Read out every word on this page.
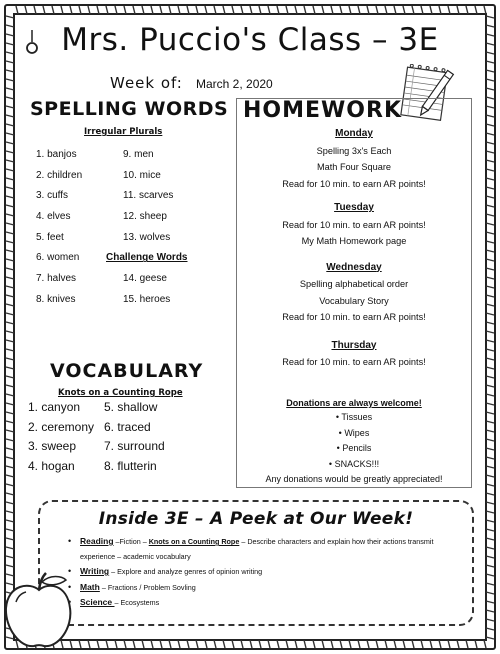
Mrs. Puccio's Class – 3E
Week of: March 2, 2020
SPELLING WORDS
Irregular Plurals
1. banjos
2. children
3. cuffs
4. elves
5. feet
6. women
7. halves
8. knives
9. men
10. mice
11. scarves
12. sheep
13. wolves
Challenge Words
14. geese
15. heroes
HOMEWORK
Monday
Spelling 3x's Each
Math Four Square
Read for 10 min. to earn AR points!
Tuesday
Read for 10 min. to earn AR points!
My Math Homework page
Wednesday
Spelling alphabetical order
Vocabulary Story
Read for 10 min. to earn AR points!
Thursday
Read for 10 min. to earn AR points!
Donations are always welcome!
• Tissues
• Wipes
• Pencils
• SNACKS!!!
Any donations would be greatly appreciated!
VOCABULARY
Knots on a Counting Rope
1. canyon
2. ceremony
3. sweep
4. hogan
5. shallow
6. traced
7. surround
8. flutterin
Inside 3E – A Peek at Our Week!
• Reading –Fiction – Knots on a Counting Rope – Describe characters and explain how their actions transmit experience – academic vocabulary
• Writing – Explore and analyze genres of opinion writing
• Math – Fractions / Problem Sovling
• Science – Ecosystems
